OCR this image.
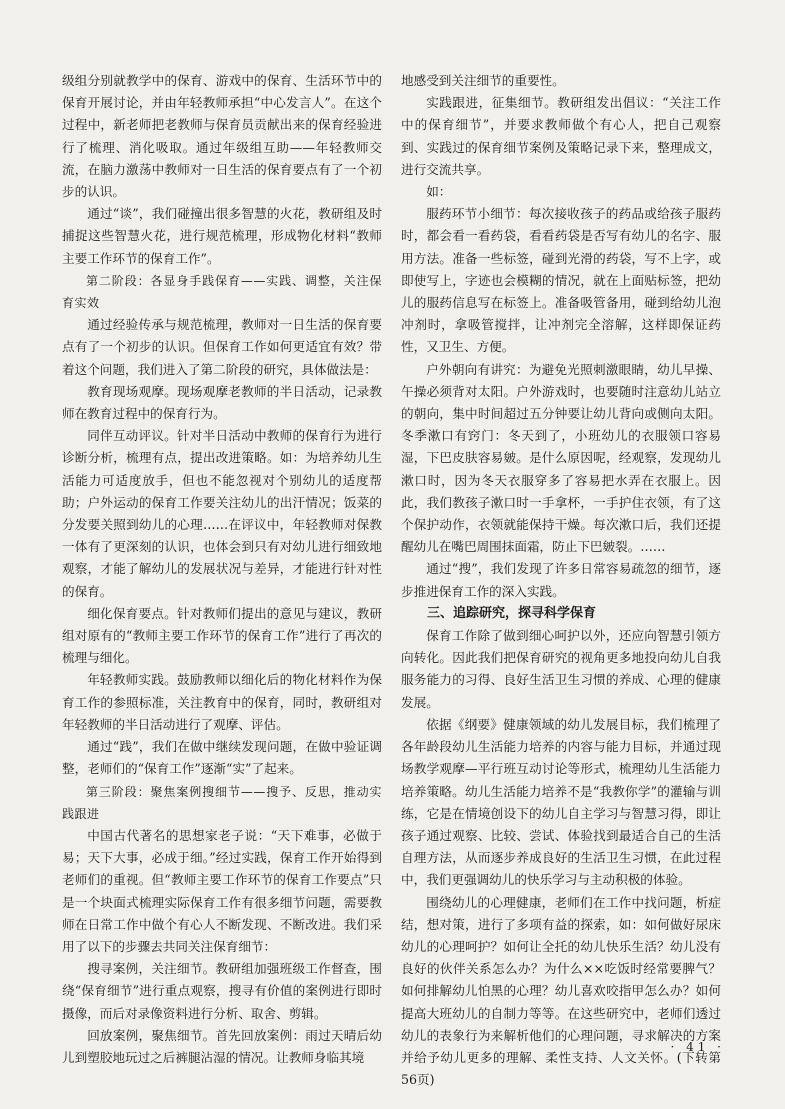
级组分别就教学中的保育、游戏中的保育、生活环节中的保育开展讨论，并由年轻教师承担“中心发言人”。在这个过程中，新老师把老教师与保育员贡献出来的保育经验进行了梳理、消化吸取。通过年级组互助——年轻教师交流，在脑力激荡中教师对一日生活的保育要点有了一个初步的认识。

通过“谈”，我们碰撞出很多智慧的火花，教研组及时捕捉这些智慧火花，进行规范梳理，形成物化材料“教师主要工作环节的保育工作”。

第二阶段：各显身手践保育——实践、调整，关注保育实效

通过经验传承与规范梳理，教师对一日生活的保育要点有了一个初步的认识。但保育工作如何更适宜有效？带着这个问题，我们进入了第二阶段的研究，具体做法是：

教育现场观摩。现场观摩老教师的半日活动，记录教师在教育过程中的保育行为。

同伴互动评议。针对半日活动中教师的保育行为进行诊断分析，梳理有点，提出改进策略。如：为培养幼儿生活能力可适度放手，但也不能忽视对个别幼儿的适度帮助；户外运动的保育工作要关注幼儿的出汗情况；饭菜的分发要关照到幼儿的心理……在评议中，年轻教师对保教一体有了更深刻的认识，也体会到只有对幼儿进行细致地观察，才能了解幼儿的发展状况与差异，才能进行针对性的保育。

细化保育要点。针对教师们提出的意见与建议，教研组对原有的“教师主要工作环节的保育工作”进行了再次的梳理与细化。

年轻教师实践。鼓励教师以细化后的物化材料作为保育工作的参照标准，关注教育中的保育，同时，教研组对年轻教师的半日活动进行了观摩、评估。

通过“践”，我们在做中继续发现问题，在做中验证调整，老师们的“保育工作”逐渐“实”了起来。

第三阶段：聚焦案例搜细节——搜予、反思，推动实践跟进

中国古代著名的思想家老子说：“天下难事，必做于易；天下大事，必成于细。”经过实践，保育工作开始得到老师们的重视。但“教师主要工作环节的保育工作要点”只是一个块面式梳理实际保育工作有很多细节问题，需要教师在日常工作中做个有心人不断发现、不断改进。我们采用了以下的步骤去共同关注保育细节：

搜寻案例，关注细节。教研组加强班级工作督查，围绕“保育细节”进行重点观察，搜寻有价值的案例进行即时摄像，而后对录像资料进行分析、取舍、剪辑。

回放案例，聚焦细节。首先回放案例：雨过天晴后幼儿到塑胶地玩过之后裤腿沾湿的情况。让教师身临其境

地感受到关注细节的重要性。

实践跟进，征集细节。教研组发出倡议：“关注工作中的保育细节”，并要求教师做个有心人，把自己观察到、实践过的保育细节案例及策略记录下来，整理成文，进行交流共享。

如：

服药环节小细节：每次接收孩子的药品或给孩子服药时，都会看一看药袋，看看药袋是否写有幼儿的名字、服用方法。准备一些标签，碰到光滑的药袋，写不上字，或即使写上，字迹也会模糊的情况，就在上面贴标签，把幼儿的服药信息写在标签上。准备吸管备用，碰到给幼儿泡冲剂时，拿吸管搅拌，让冲剂完全溶解，这样即保证药性，又卫生、方便。

户外朝向有讲究：为避免光照刺激眼睛，幼儿早操、午操必须背对太阳。户外游戏时，也要随时注意幼儿站立的朝向，集中时间超过五分钟要让幼儿背向或侧向太阳。冬季漱口有窍门：冬天到了，小班幼儿的衣服领口容易湿，下巴皮肤容易皴。是什么原因呢，经观察，发现幼儿漱口时，因为冬天衣服穿多了容易把水弄在衣服上。因此，我们教孩子漱口时一手拿杯，一手护住衣领，有了这个保护动作，衣领就能保持干燥。每次漱口后，我们还提醒幼儿在嘴巴周围抹面霜，防止下巴皴裂。……

通过“搜”，我们发现了许多日常容易疏忽的细节，逐步推进保育工作的深入实践。

三、追踪研究，探寻科学保育

保育工作除了做到细心呵护以外，还应向智慧引领方向转化。因此我们把保育研究的视角更多地投向幼儿自我服务能力的习得、良好生活卫生习惯的养成、心理的健康发展。

依据《纲要》健康领域的幼儿发展目标，我们梳理了各年龄段幼儿生活能力培养的内容与能力目标，并通过现场教学观摩—平行班互动讨论等形式，梳理幼儿生活能力培养策略。幼儿生活能力培养不是“我教你学”的灌输与训练，它是在情境创设下的幼儿自主学习与智慧习得，即让孩子通过观察、比较、尝试、体验找到最适合自己的生活自理方法，从而逐步养成良好的生活卫生习惯，在此过程中，我们更强调幼儿的快乐学习与主动积极的体验。

围绕幼儿的心理健康，老师们在工作中找问题，析症结，想对策，进行了多项有益的探索，如：如何做好尿床幼儿的心理呵护？如何让全托的幼儿快乐生活？幼儿没有良好的伙伴关系怎么办？为什么××吃饭时经常要脾气？如何排解幼儿怕黑的心理？幼儿喜欢咬指甲怎么办？如何提高大班幼儿的自制力等等。在这些研究中，老师们透过幼儿的表象行为来解析他们的心理问题，寻求解决的方案并给予幼儿更多的理解、柔性支持、人文关怀。(下转第56页)

· 41 ·
